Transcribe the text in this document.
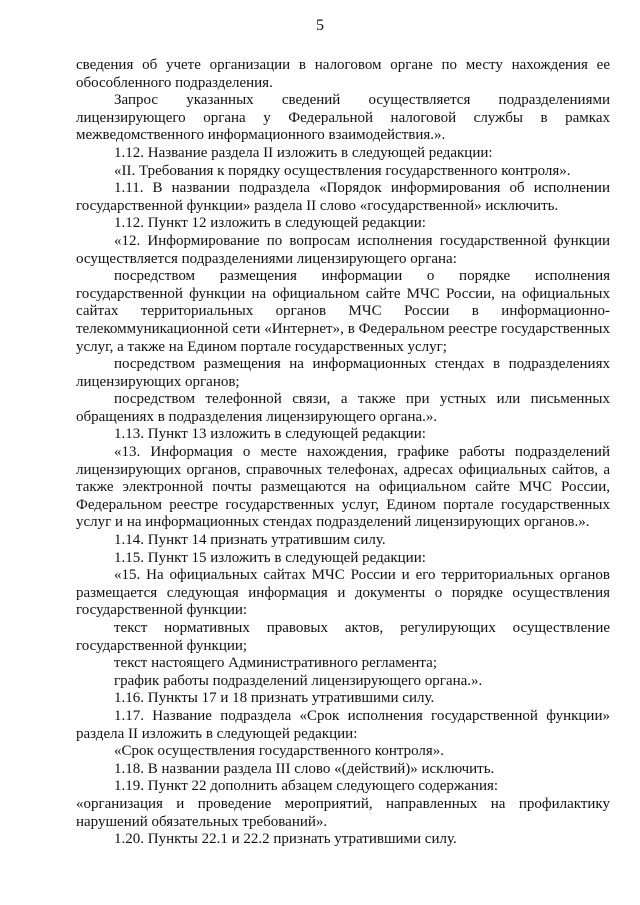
5

сведения об учете организации в налоговом органе по месту нахождения ее обособленного подразделения.

Запрос указанных сведений осуществляется подразделениями лицензирующего органа у Федеральной налоговой службы в рамках межведомственного информационного взаимодействия.».

1.12. Название раздела II изложить в следующей редакции:

«II. Требования к порядку осуществления государственного контроля».

1.11. В названии подраздела «Порядок информирования об исполнении государственной функции» раздела II слово «государственной» исключить.

1.12. Пункт 12 изложить в следующей редакции:

«12. Информирование по вопросам исполнения государственной функции осуществляется подразделениями лицензирующего органа:

посредством размещения информации о порядке исполнения государственной функции на официальном сайте МЧС России, на официальных сайтах территориальных органов МЧС России в информационно-телекоммуникационной сети «Интернет», в Федеральном реестре государственных услуг, а также на Едином портале государственных услуг;

посредством размещения на информационных стендах в подразделениях лицензирующих органов;

посредством телефонной связи, а также при устных или письменных обращениях в подразделения лицензирующего органа.».

1.13. Пункт 13 изложить в следующей редакции:

«13. Информация о месте нахождения, графике работы подразделений лицензирующих органов, справочных телефонах, адресах официальных сайтов, а также электронной почты размещаются на официальном сайте МЧС России, Федеральном реестре государственных услуг, Едином портале государственных услуг и на информационных стендах подразделений лицензирующих органов.».

1.14. Пункт 14 признать утратившим силу.

1.15. Пункт 15 изложить в следующей редакции:

«15. На официальных сайтах МЧС России и его территориальных органов размещается следующая информация и документы о порядке осуществления государственной функции:

текст нормативных правовых актов, регулирующих осуществление государственной функции;

текст настоящего Административного регламента;

график работы подразделений лицензирующего органа.».

1.16. Пункты 17 и 18 признать утратившими силу.

1.17. Название подраздела «Срок исполнения государственной функции» раздела II изложить в следующей редакции:

«Срок осуществления государственного контроля».

1.18. В названии раздела III слово «(действий)» исключить.

1.19. Пункт 22 дополнить абзацем следующего содержания:

«организация и проведение мероприятий, направленных на профилактику нарушений обязательных требований».

1.20. Пункты 22.1 и 22.2 признать утратившими силу.
